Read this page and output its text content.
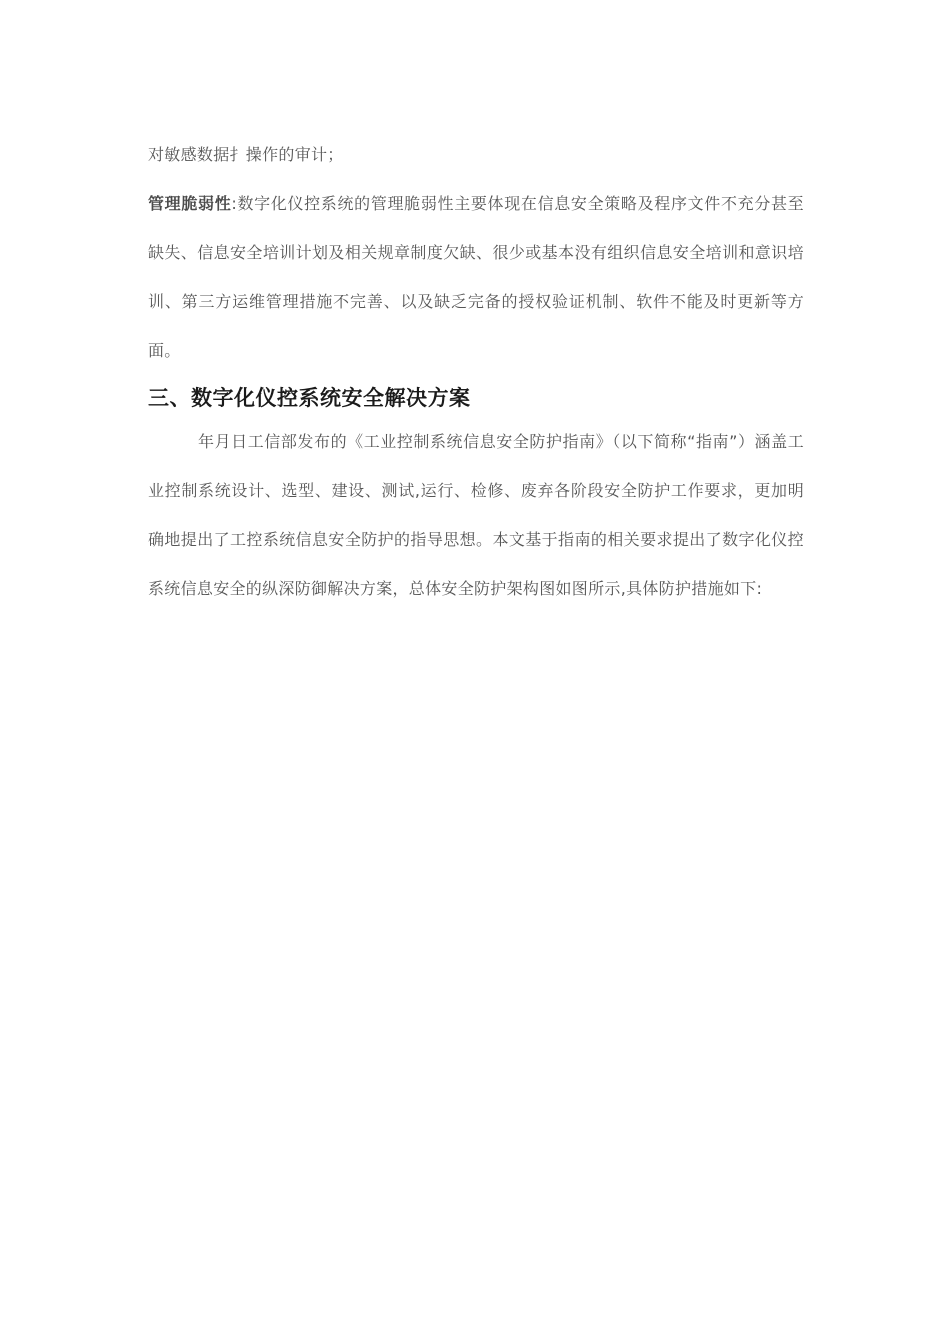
对敏感数据扌操作的审计；

管理脆弱性:数字化仪控系统的管理脆弱性主要体现在信息安全策略及程序文件不充分甚至缺失、信息安全培训计划及相关规章制度欠缺、很少或基本没有组织信息安全培训和意识培训、第三方运维管理措施不完善、以及缺乏完备的授权验证机制、软件不能及时更新等方面。

三、数字化仪控系统安全解决方案

年月日工信部发布的《工业控制系统信息安全防护指南》（以下简称“指南”）涵盖工业控制系统设计、选型、建设、测试,运行、检修、废弃各阶段安全防护工作要求，更加明确地提出了工控系统信息安全防护的指导思想。本文基于指南的相关要求提出了数字化仪控系统信息安全的纵深防御解决方案，总体安全防护架构图如图所示,具体防护措施如下:
